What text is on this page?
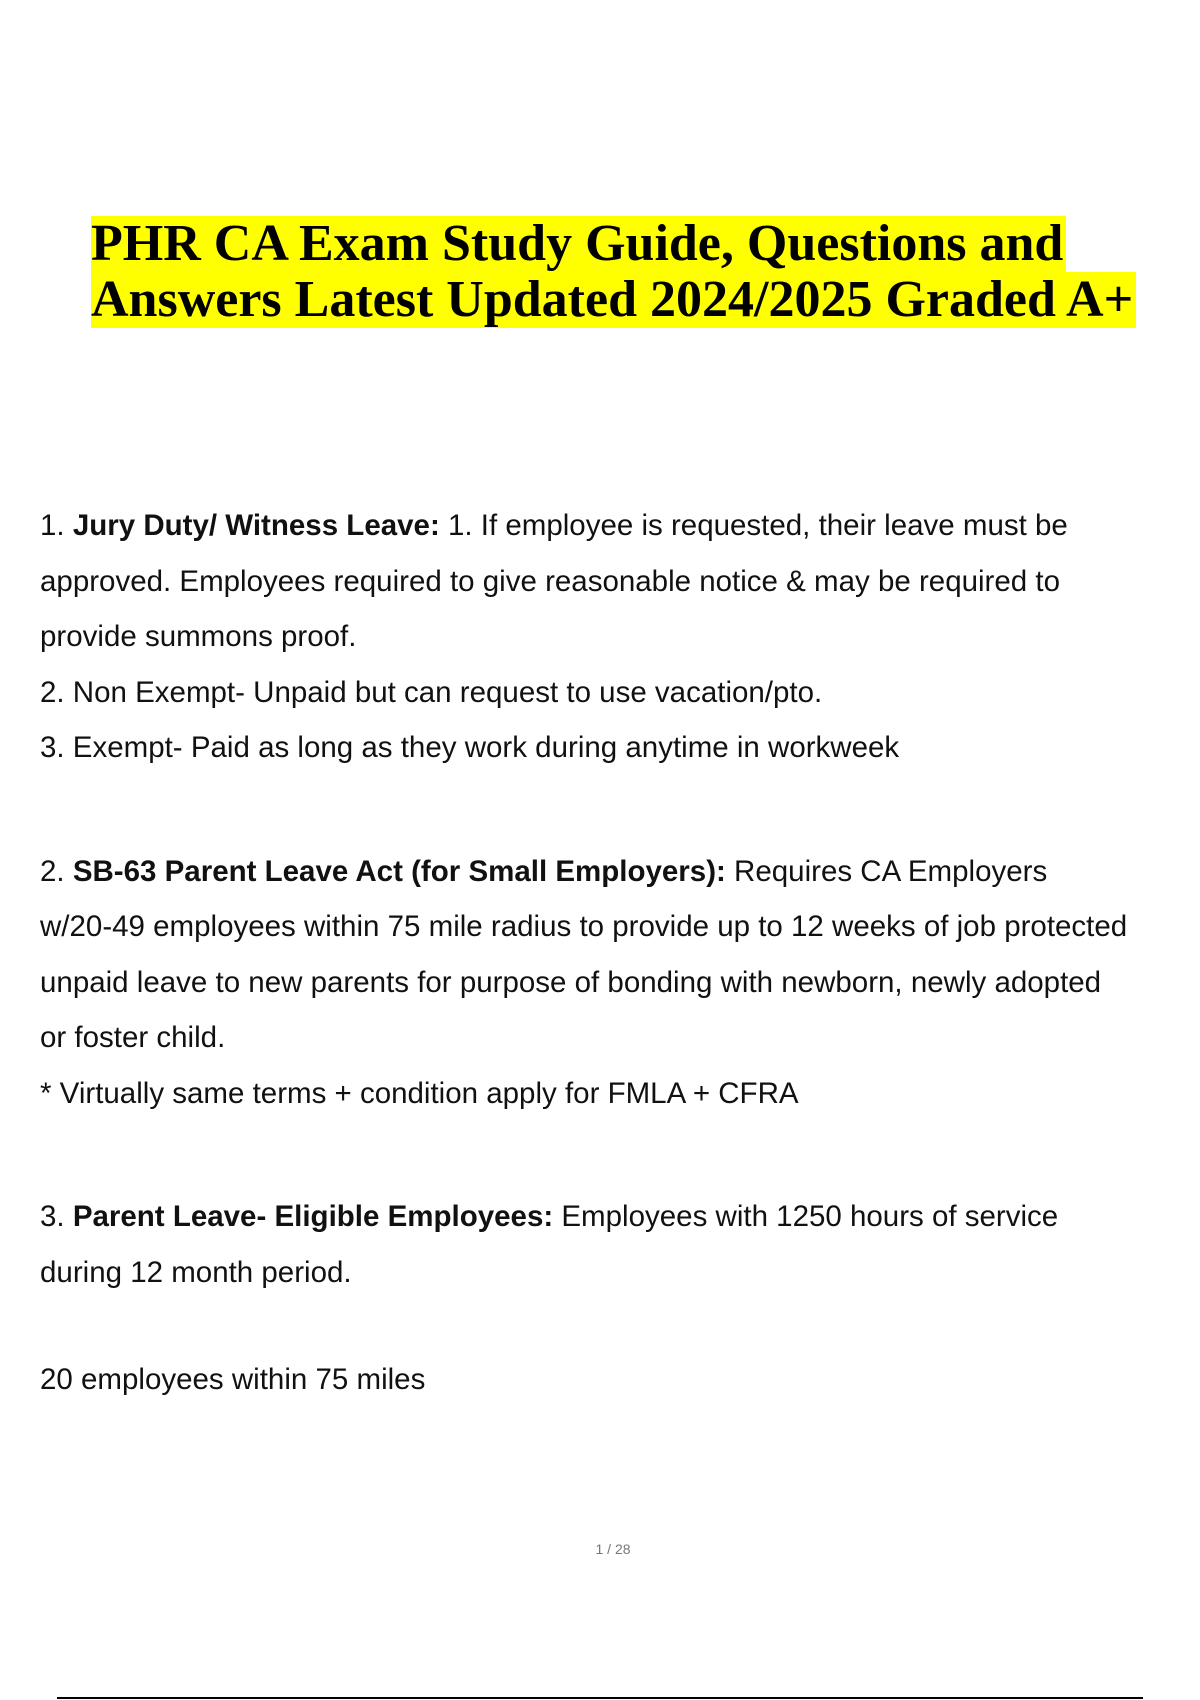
PHR CA Exam Study Guide, Questions and
Answers Latest Updated 2024/2025 Graded A+
1. Jury Duty/ Witness Leave: 1. If employee is requested, their leave must be
approved. Employees required to give reasonable notice & may be required to
provide summons proof.
2. Non Exempt- Unpaid but can request to use vacation/pto.
3. Exempt- Paid as long as they work during anytime in workweek
2. SB-63 Parent Leave Act (for Small Employers): Requires CA Employers
w/20-49 employees within 75 mile radius to provide up to 12 weeks of job protected
unpaid leave to new parents for purpose of bonding with newborn, newly adopted
or foster child.
* Virtually same terms + condition apply for FMLA + CFRA
3. Parent Leave- Eligible Employees: Employees with 1250 hours of service
during 12 month period.
20 employees within 75 miles
1 / 28
